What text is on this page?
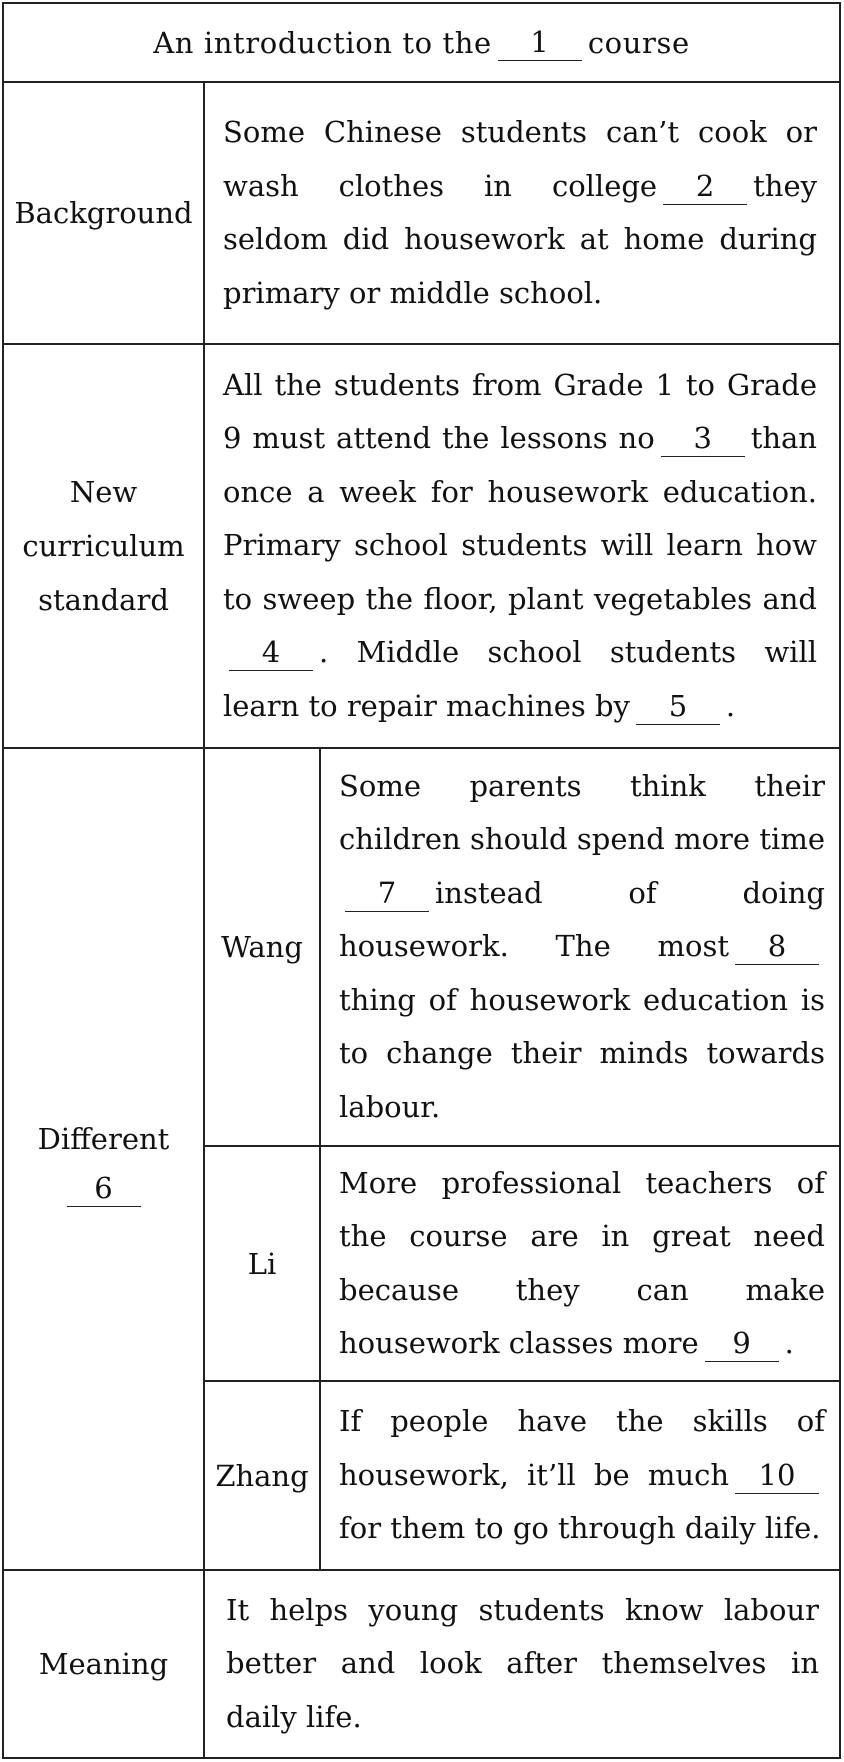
An introduction to the	1	course
Background

Some Chinese students can’t cook or wash clothes in college 2 they seldom did housework at home during primary or middle school.

New
curriculum
standard

All the students from Grade 1 to Grade 9 must attend the lessons no 3 than once a week for housework education. Primary school students will learn how to sweep the floor, plant vegetables and4 . Middle school students will learn to repair machines by 5 .

Different
6
Wang

Some parents think their children should spend more time7 instead of doing housework. The most 8thing of housework education is to change their minds towards labour.

Li

More professional teachers of the course are in great need because they can make housework classes more 9 .

Zhang

If people have the skills of housework, it’ll be much 10for them to go through daily life.

Meaning

It helps young students know labour better and look after themselves in daily life.
